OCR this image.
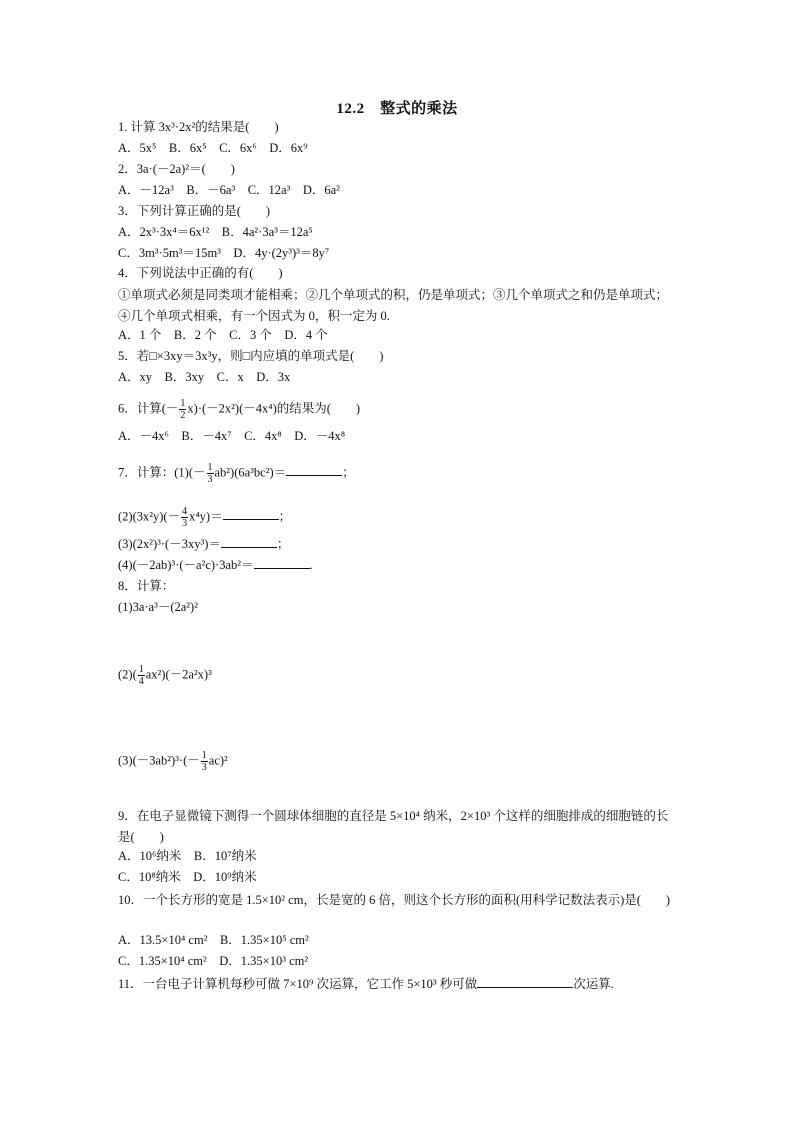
12.2　整式的乘法
1. 计算 3x³·2x²的结果是(　　)
A．5x⁵　B．6x⁵　C．6x⁶　D．6x⁹
2．3a·(－2a)²＝(　　)
A．－12a³　B．－6a³　C．12a³　D．6a²
3．下列计算正确的是(　　)
A．2x³·3x⁴＝6x¹²　B．4a²·3a³＝12a⁵
C．3m³·5m³＝15m³　D．4y·(2y³)³＝8y⁷
4．下列说法中正确的有(　　)
①单项式必须是同类项才能相乘；②几个单项式的积，仍是单项式；③几个单项式之和仍是单项式；④几个单项式相乘，有一个因式为 0，积一定为 0.
A．1 个　B．2 个　C．3 个　D．4 个
5．若□×3xy＝3x³y，则□内应填的单项式是(　　)
A．xy　B．3xy　C．x　D．3x
6．计算(－ $\frac{1}{2} x)\cdot(-2x^2)(-4x^4)$的结果为(　　)
A．－4x⁶　B．－4x⁷　C．4x⁸　D．－4x⁸
7．计算：$(1)(- \frac{1}{3} ab^2)(6a^3bc^2)=$	；
$(2)(3x^2y)(- \frac{4}{3} x^4y)=$	；
(3)(2x²)³·(－3xy³)＝	；
(4)(－2ab)³·(－a²c)·3ab²＝	.
8．计算：
(1)3a·a³－(2a²)²
$(2)( \frac{1}{4} ax^2)(-2a^2x)^3$
$(3)(-3ab^2)^3\cdot(- \frac{1}{3} ac)^2$
9．在电子显微镜下测得一个圆球体细胞的直径是 5×10⁴ 纳米，2×10³ 个这样的细胞排成的细胞链的长是(　　)
A．10⁶纳米　B．10⁷纳米
C．10⁸纳米　D．10⁹纳米
10．一个长方形的宽是 1.5×10² cm，长是宽的 6 倍，则这个长方形的面积(用科学记数法表示)是(　　)
A．13.5×10⁴ cm²　B．1.35×10⁵ cm²
C．1.35×10⁴ cm²　D．1.35×10³ cm²
11．一台电子计算机每秒可做 7×10⁹ 次运算，它工作 5×10³ 秒可做	次运算.
